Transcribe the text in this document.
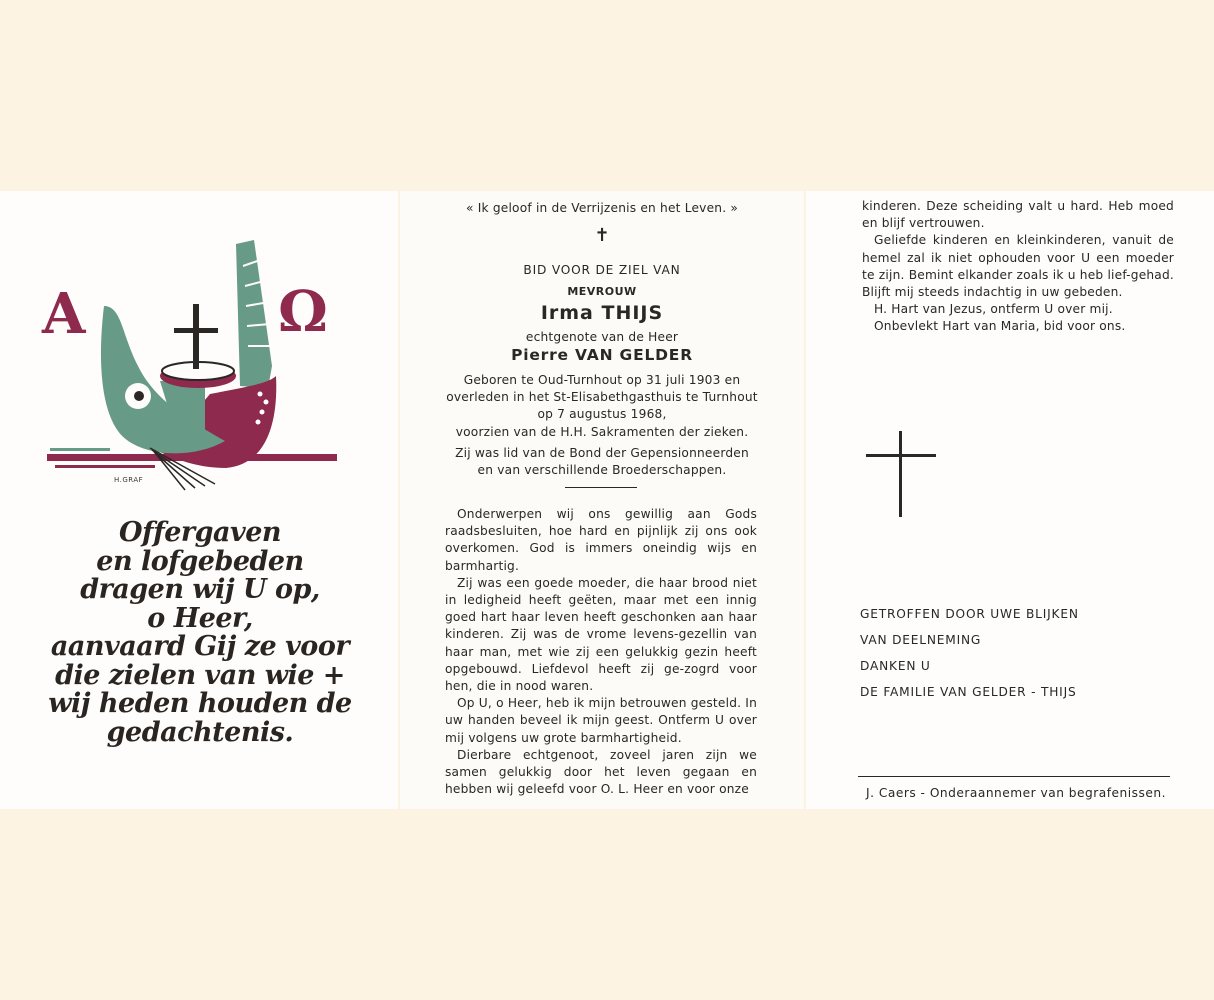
A	Ω
H.GRAF
Offergaven
en lofgebeden
dragen wij U op,
o Heer,
aanvaard Gij ze voor
die zielen van wie +
wij heden houden de
gedachtenis.
« Ik geloof in de Verrijzenis en het Leven. »
✝
BID VOOR DE ZIEL VAN
MEVROUW
Irma THIJS
echtgenote van de Heer
Pierre VAN GELDER
Geboren te Oud-Turnhout op 31 juli 1903 en
overleden in het St-Elisabethgasthuis te Turnhout
op 7 augustus 1968,
voorzien van de H.H. Sakramenten der zieken.
Zij was lid van de Bond der Gepensionneerden
en van verschillende Broederschappen.
Onderwerpen wij ons gewillig aan Gods raadsbesluiten, hoe hard en pijnlijk zij ons ook overkomen. God is immers oneindig wijs en barmhartig.
Zij was een goede moeder, die haar brood niet in ledigheid heeft geëten, maar met een innig goed hart haar leven heeft geschonken aan haar kinderen. Zij was de vrome levens-gezellin van haar man, met wie zij een gelukkig gezin heeft opgebouwd. Liefdevol heeft zij ge-zogrd voor hen, die in nood waren.
Op U, o Heer, heb ik mijn betrouwen gesteld. In uw handen beveel ik mijn geest. Ontferm U over mij volgens uw grote barmhartigheid.
Dierbare echtgenoot, zoveel jaren zijn we samen gelukkig door het leven gegaan en hebben wij geleefd voor O. L. Heer en voor onze
kinderen. Deze scheiding valt u hard. Heb moed en blijf vertrouwen.
Geliefde kinderen en kleinkinderen, vanuit de hemel zal ik niet ophouden voor U een moeder te zijn. Bemint elkander zoals ik u heb lief-gehad. Blijft mij steeds indachtig in uw gebeden.
H. Hart van Jezus, ontferm U over mij.
Onbevlekt Hart van Maria, bid voor ons.
GETROFFEN DOOR UWE BLIJKEN
VAN DEELNEMING
DANKEN U
DE FAMILIE VAN GELDER - THIJS
J. Caers - Onderaannemer van begrafenissen.
